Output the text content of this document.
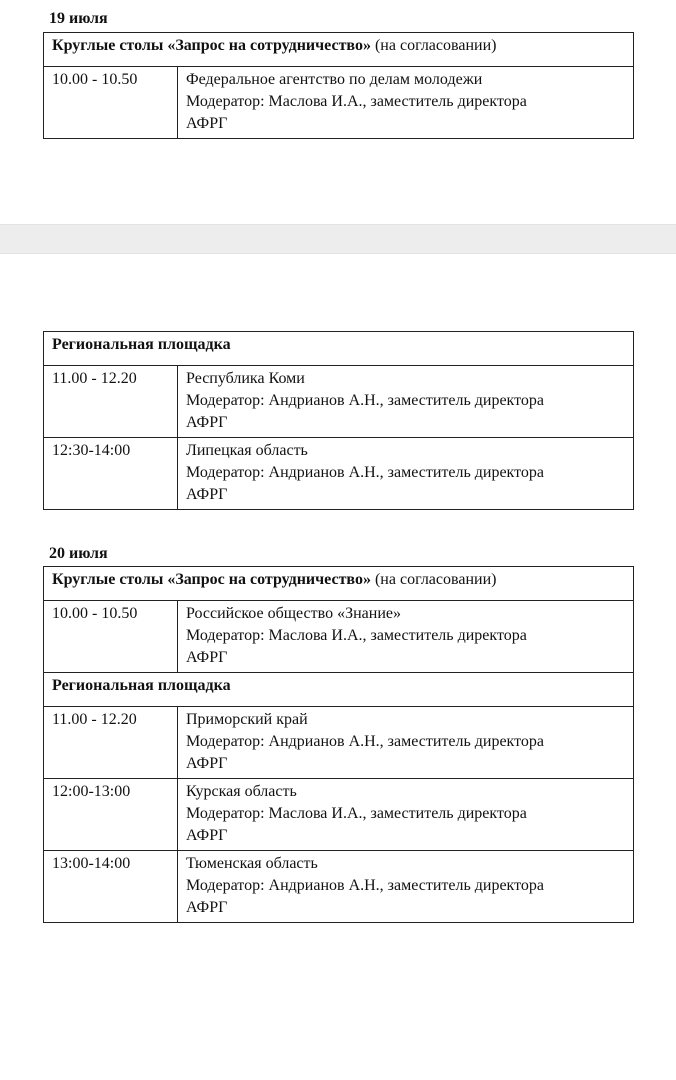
19 июля
Круглые столы «Запрос на сотрудничество» (на согласовании)
10.00 - 10.50	Федеральное агентство по делам молодежи
Модератор: Маслова И.А., заместитель директора
АФРГ
Региональная площадка	
11.00 - 12.20	Республика Коми
Модератор: Андрианов А.Н., заместитель директора
АФРГ

12:30-14:00	Липецкая область
Модератор: Андрианов А.Н., заместитель директора
АФРГ
20 июля
Круглые столы «Запрос на сотрудничество» (на согласовании)	
10.00 - 10.50	Российское общество «Знание»
Модератор: Маслова И.А., заместитель директора
АФРГ

Региональная площадка	
11.00 - 12.20	Приморский край
Модератор: Андрианов А.Н., заместитель директора
АФРГ

12:00-13:00	Курская область
Модератор: Маслова И.А., заместитель директора
АФРГ

13:00-14:00	Тюменская область
Модератор: Андрианов А.Н., заместитель директора
АФРГ
